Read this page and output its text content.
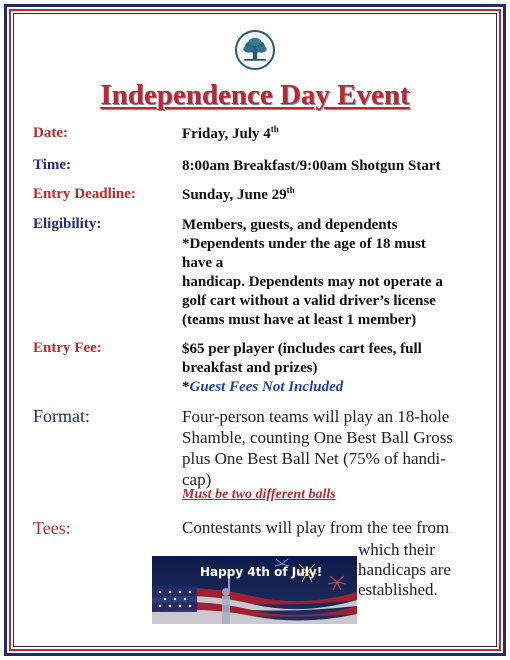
Independence Day Event
Date:	Friday, July 4th
Time:	8:00am Breakfast/9:00am Shotgun Start
Entry Deadline:	Sunday, June 29th
Eligibility:	Members, guests, and dependents
*Dependents under the age of 18 must
have a
handicap. Dependents may not operate a
golf cart without a valid driver’s license
(teams must have at least 1 member)
Entry Fee:	$65 per player (includes cart fees, full
breakfast and prizes)
*Guest Fees Not Included
Format:	Four-person teams will play an 18-hole
Shamble, counting One Best Ball Gross
plus One Best Ball Net (75% of handi-
cap)
Must be two different balls
Tees:	Contestants will play from the tee from
which their
handicaps are
established.
Happy 4th of July!
